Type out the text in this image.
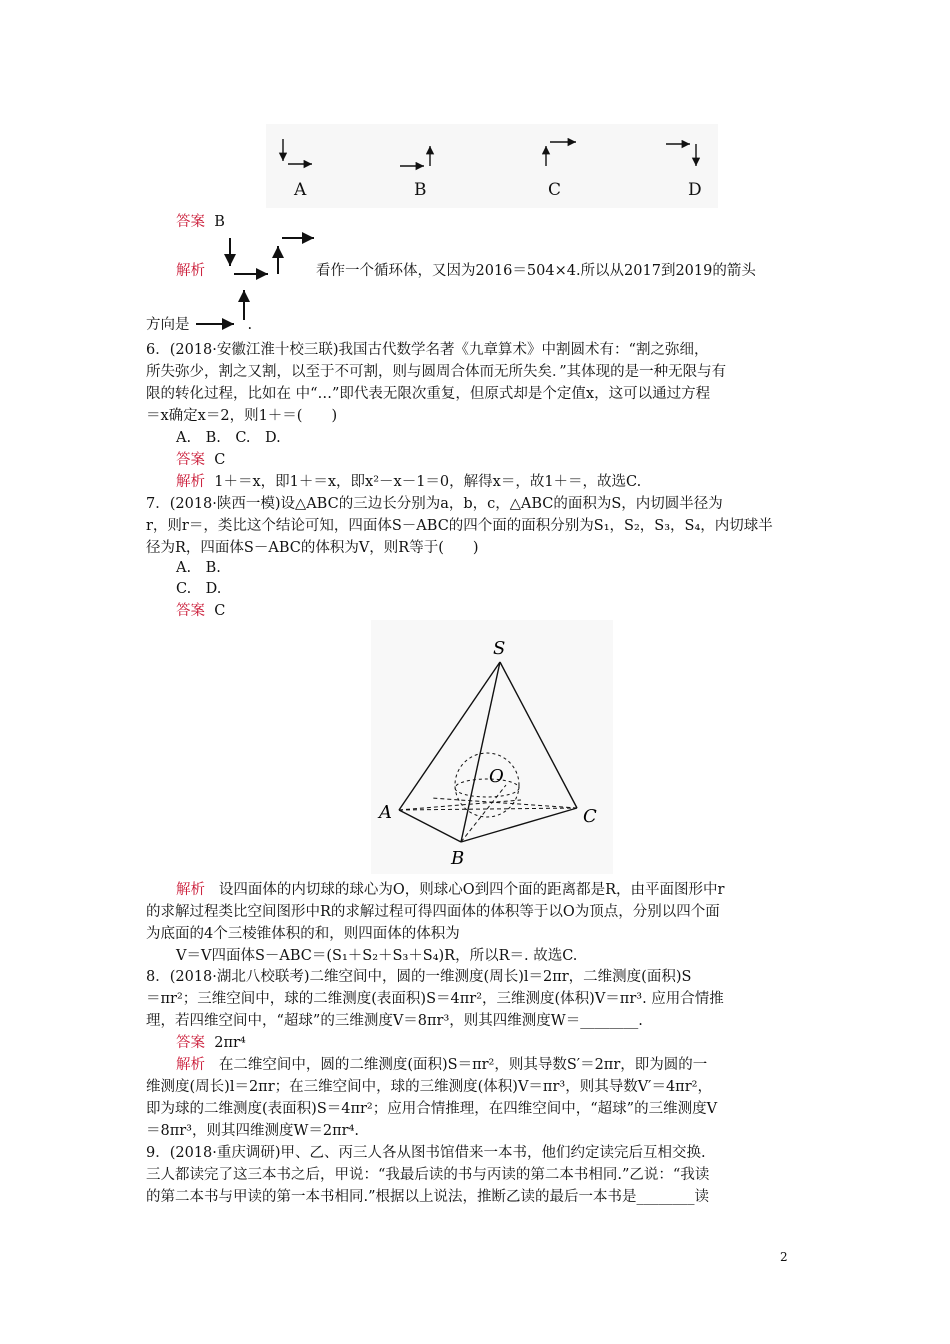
A	B	C	D
答案 B
解析	看作一个循环体，又因为2016＝504×4.所以从2017到2019的箭头
方向是	.
6．(2018·安徽江淮十校三联)我国古代数学名著《九章算术》中割圆术有：“割之弥细，
所失弥少，割之又割，以至于不可割，则与圆周合体而无所失矣．”其体现的是一种无限与有
限的转化过程，比如在 中“…”即代表无限次重复，但原式却是个定值x，这可以通过方程
＝x确定x＝2，则1＋＝(　　)
A.　B.　C.　D.
答案 C
解析 1＋＝x，即1＋＝x，即x²－x－1＝0，解得x＝，故1＋＝，故选C.
7．(2018·陕西一模)设△ABC的三边长分别为a，b，c，△ABC的面积为S，内切圆半径为
r，则r＝，类比这个结论可知，四面体S－ABC的四个面的面积分别为S₁，S₂，S₃，S₄，内切球半
径为R，四面体S－ABC的体积为V，则R等于(　　)
A.　B.
C.　D.
答案 C
S
O
A
B
C
解析 设四面体的内切球的球心为O，则球心O到四个面的距离都是R，由平面图形中r
的求解过程类比空间图形中R的求解过程可得四面体的体积等于以O为顶点，分别以四个面
为底面的4个三棱锥体积的和，则四面体的体积为
V＝V四面体S－ABC＝(S₁＋S₂＋S₃＋S₄)R，所以R＝. 故选C.
8．(2018·湖北八校联考)二维空间中，圆的一维测度(周长)l＝2πr，二维测度(面积)S
＝πr²；三维空间中，球的二维测度(表面积)S＝4πr²，三维测度(体积)V＝πr³. 应用合情推
理，若四维空间中，“超球”的三维测度V＝8πr³，则其四维测度W＝________.
答案 2πr⁴
解析 在二维空间中，圆的二维测度(面积)S＝πr²，则其导数S′＝2πr，即为圆的一
维测度(周长)l＝2πr；在三维空间中，球的三维测度(体积)V＝πr³，则其导数V′＝4πr²，
即为球的二维测度(表面积)S＝4πr²；应用合情推理，在四维空间中，“超球”的三维测度V
＝8πr³，则其四维测度W＝2πr⁴.
9．(2018·重庆调研)甲、乙、丙三人各从图书馆借来一本书，他们约定读完后互相交换.
三人都读完了这三本书之后，甲说：“我最后读的书与丙读的第二本书相同.”乙说：“我读
的第二本书与甲读的第一本书相同.”根据以上说法，推断乙读的最后一本书是________读
2
